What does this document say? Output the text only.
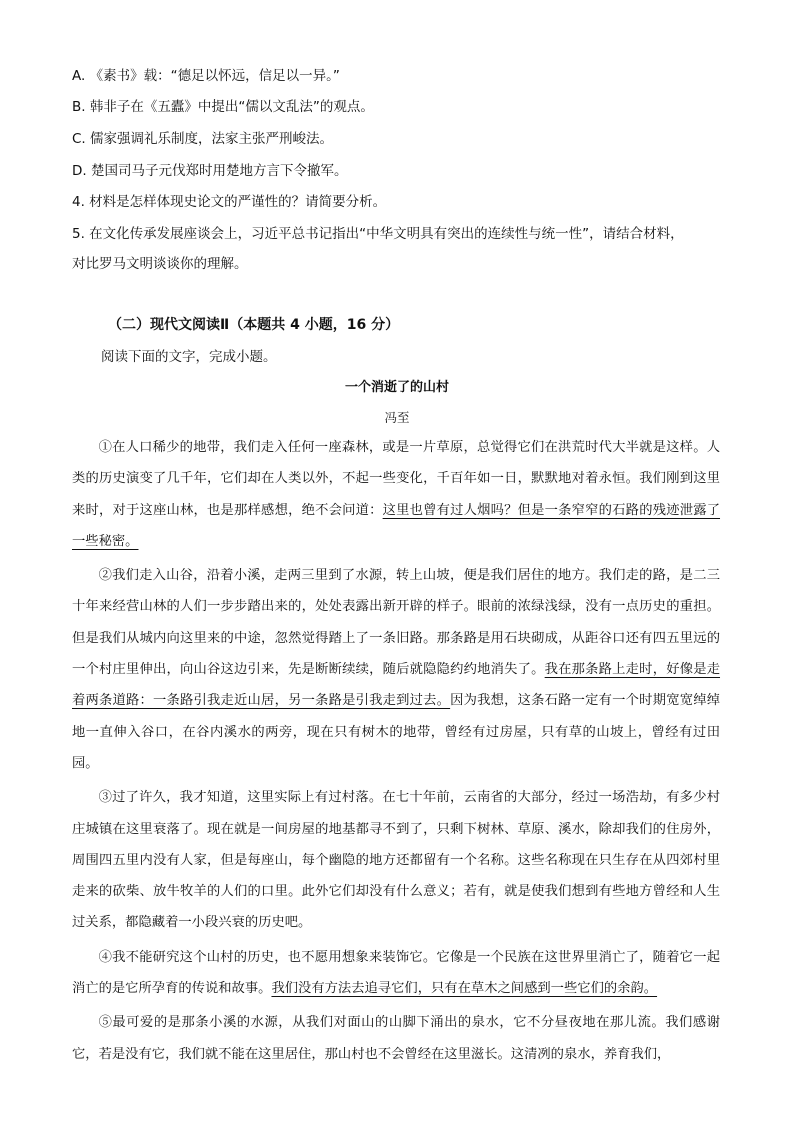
A. 《素书》载：“德足以怀远，信足以一异。”
B. 韩非子在《五蠹》中提出“儒以文乱法”的观点。
C. 儒家强调礼乐制度，法家主张严刑峻法。
D. 楚国司马子元伐郑时用楚地方言下令撤军。
4. 材料是怎样体现史论文的严谨性的？请简要分析。
5. 在文化传承发展座谈会上，习近平总书记指出“中华文明具有突出的连续性与统一性”，请结合材料，
对比罗马文明谈谈你的理解。
（二）现代文阅读Ⅱ（本题共 4 小题，16 分）
阅读下面的文字，完成小题。
一个消逝了的山村
冯至

①在人口稀少的地带，我们走入任何一座森林，或是一片草原，总觉得它们在洪荒时代大半就是这样。人类的历史演变了几千年，它们却在人类以外，不起一些变化，千百年如一日，默默地对着永恒。我们刚到这里来时，对于这座山林，也是那样感想，绝不会问道：这里也曾有过人烟吗？但是一条窄窄的石路的残迹泄露了一些秘密。

②我们走入山谷，沿着小溪，走两三里到了水源，转上山坡，便是我们居住的地方。我们走的路，是二三十年来经营山林的人们一步步踏出来的，处处表露出新开辟的样子。眼前的浓绿浅绿，没有一点历史的重担。但是我们从城内向这里来的中途，忽然觉得踏上了一条旧路。那条路是用石块砌成，从距谷口还有四五里远的一个村庄里伸出，向山谷这边引来，先是断断续续，随后就隐隐约约地消失了。我在那条路上走时，好像是走着两条道路：一条路引我走近山居，另一条路是引我走到过去。因为我想，这条石路一定有一个时期宽宽绰绰地一直伸入谷口，在谷内溪水的两旁，现在只有树木的地带，曾经有过房屋，只有草的山坡上，曾经有过田园。

③过了许久，我才知道，这里实际上有过村落。在七十年前，云南省的大部分，经过一场浩劫，有多少村庄城镇在这里衰落了。现在就是一间房屋的地基都寻不到了，只剩下树林、草原、溪水，除却我们的住房外，周围四五里内没有人家，但是每座山，每个幽隐的地方还都留有一个名称。这些名称现在只生存在从四郊村里走来的砍柴、放牛牧羊的人们的口里。此外它们却没有什么意义；若有，就是使我们想到有些地方曾经和人生过关系，都隐藏着一小段兴衰的历史吧。

④我不能研究这个山村的历史，也不愿用想象来装饰它。它像是一个民族在这世界里消亡了，随着它一起消亡的是它所孕育的传说和故事。我们没有方法去追寻它们，只有在草木之间感到一些它们的余韵。

⑤最可爱的是那条小溪的水源，从我们对面山的山脚下涌出的泉水，它不分昼夜地在那儿流。我们感谢它，若是没有它，我们就不能在这里居住，那山村也不会曾经在这里滋长。这清冽的泉水，养育我们，
